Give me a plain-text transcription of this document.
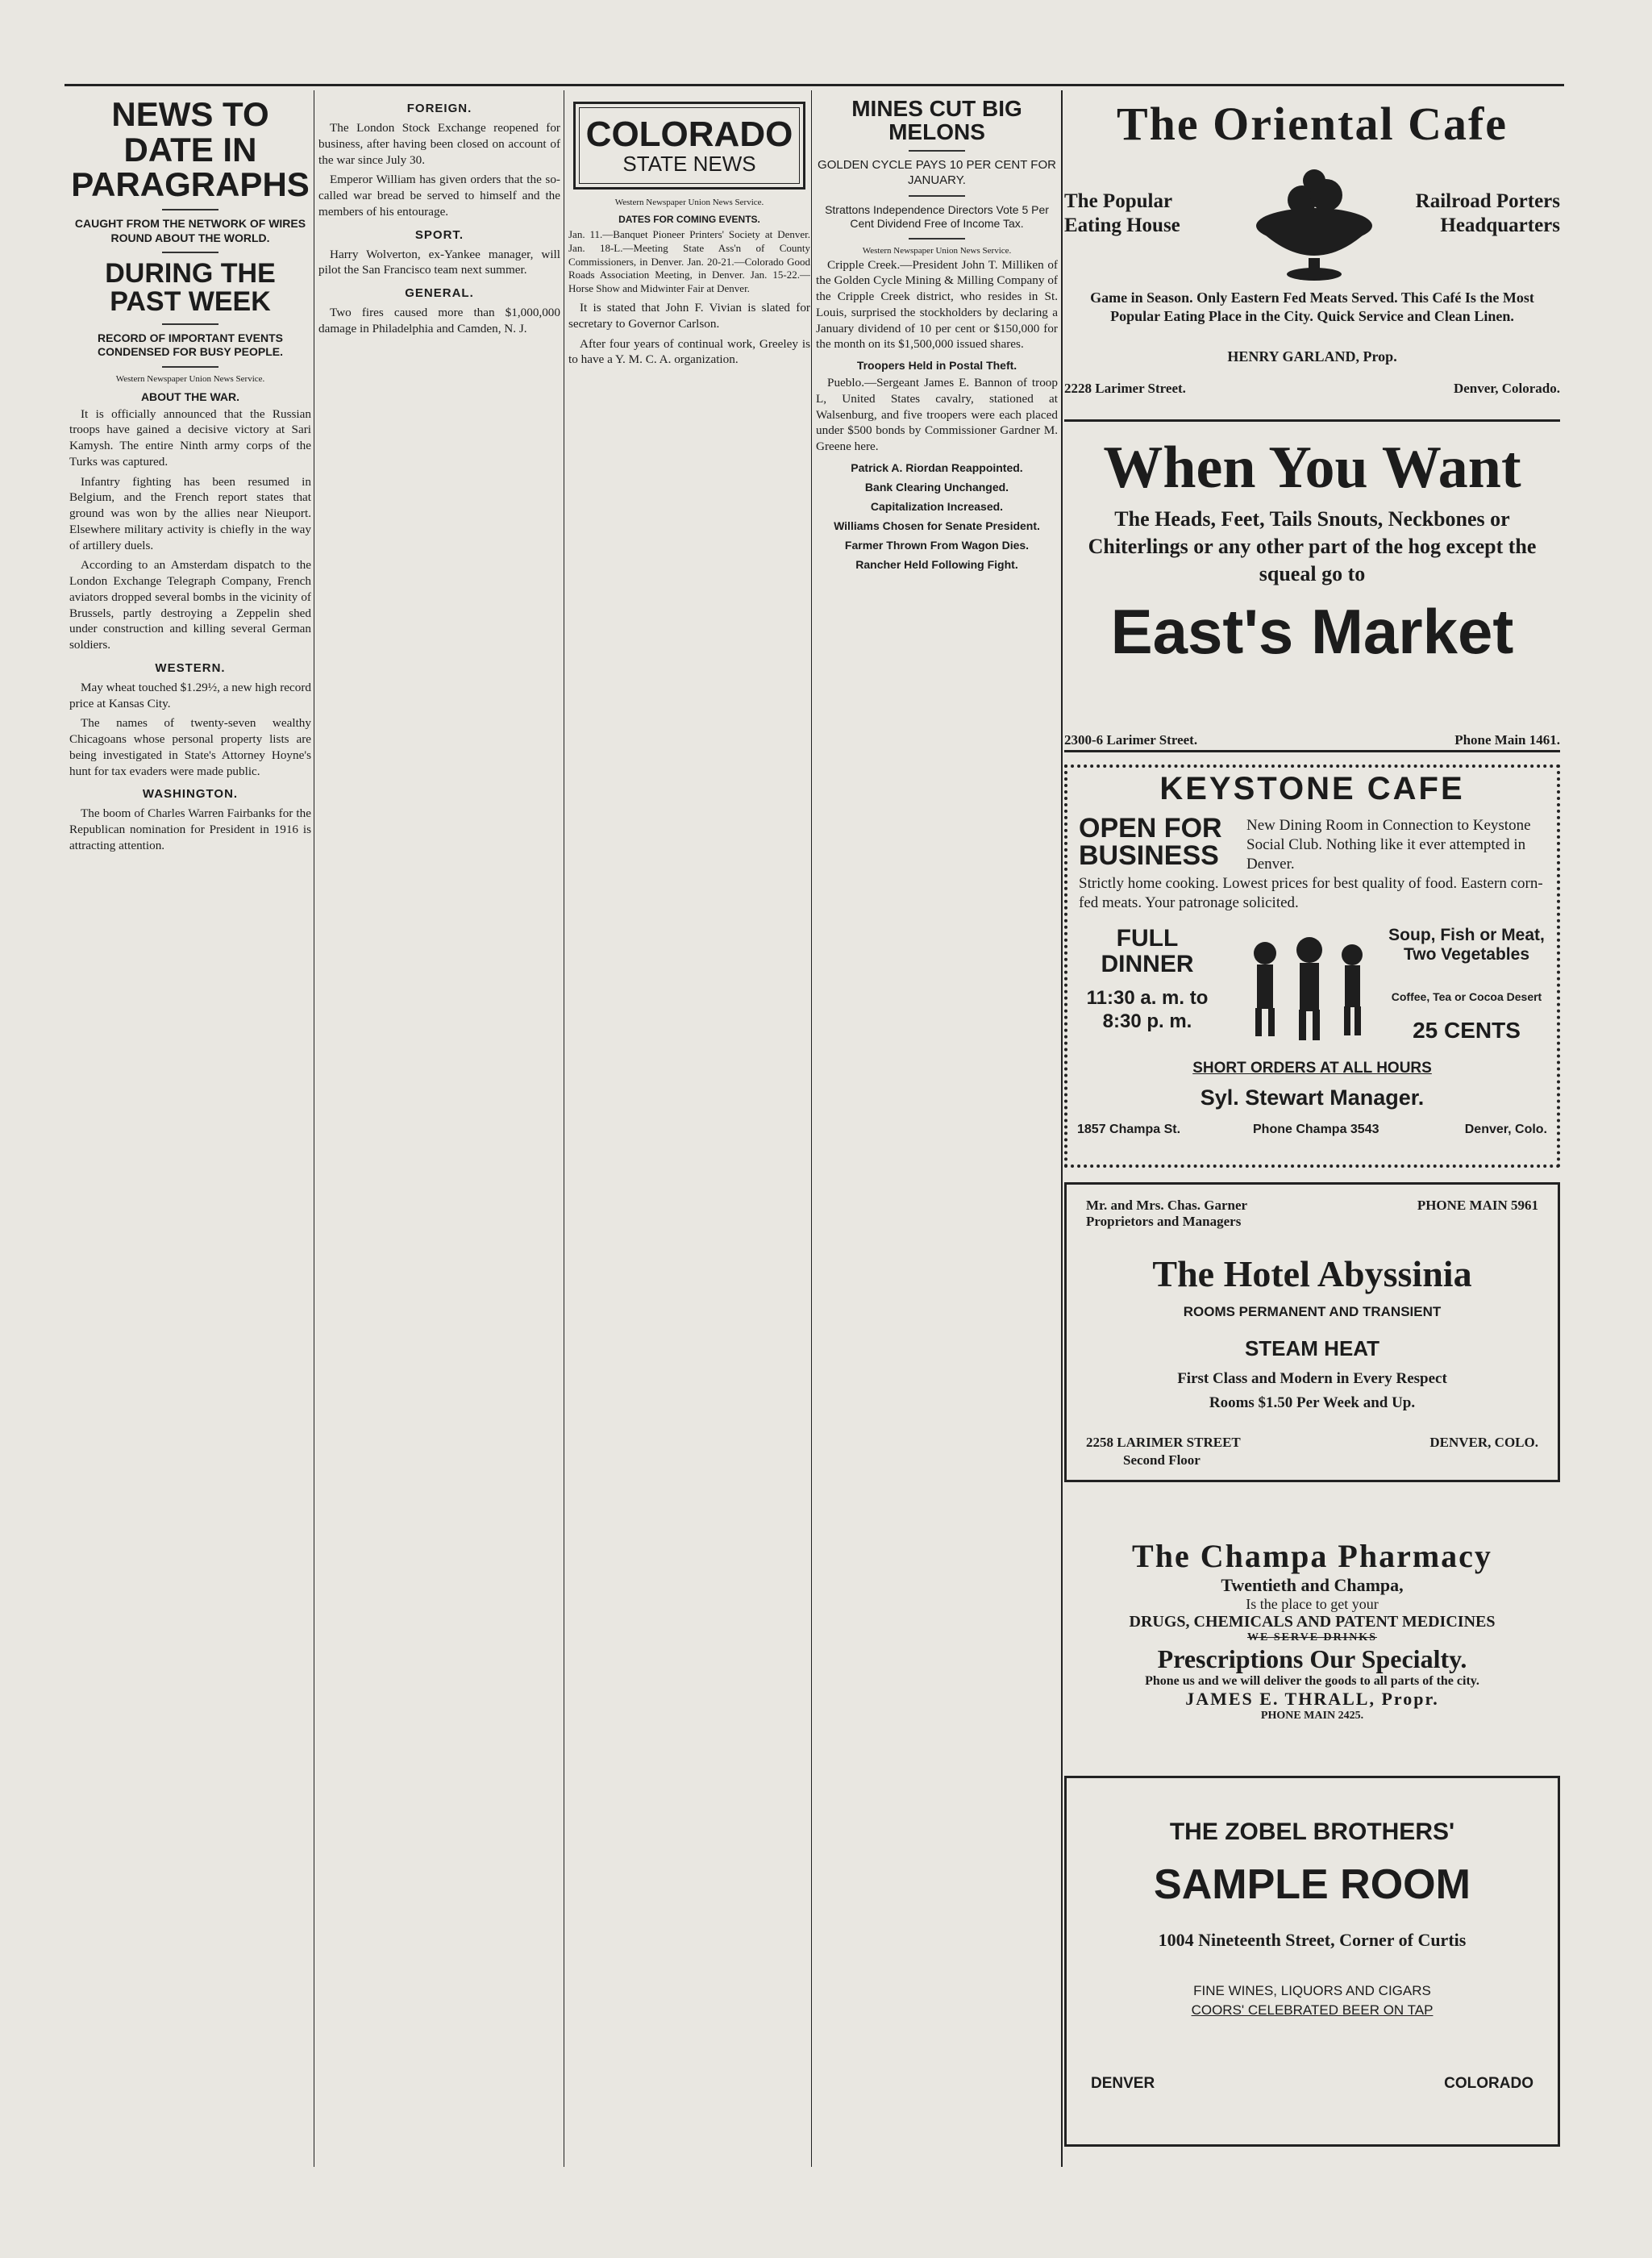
NEWS TO DATE IN PARAGRAPHS
CAUGHT FROM THE NETWORK OF WIRES ROUND ABOUT THE WORLD.
DURING THE PAST WEEK
RECORD OF IMPORTANT EVENTS CONDENSED FOR BUSY PEOPLE.
Western Newspaper Union News Service.
ABOUT THE WAR.

It is officially announced that the Russian troops have gained a decisive victory at Sari Kamysh. The entire Ninth army corps of the Turks was captured.

Infantry fighting has been resumed in Belgium, and the French report states that ground was won by the allies near Nieuport. Elsewhere military activity is chiefly in the way of artillery duels.

According to an Amsterdam dispatch to the London Exchange Telegraph Company, French aviators dropped several bombs in the vicinity of Brussels, partly destroying a Zeppelin shed under construction and killing several German soldiers.

WESTERN.

May wheat touched $1.29½, a new high record price at Kansas City.

The names of twenty-seven wealthy Chicagoans whose personal property lists are being investigated in State's Attorney Hoyne's hunt for tax evaders were made public.

WASHINGTON.

The boom of Charles Warren Fairbanks for the Republican nomination for President in 1916 is attracting attention.

FOREIGN.

The London Stock Exchange reopened for business, after having been closed on account of the war since July 30.

Emperor William has given orders that the so-called war bread be served to himself and the members of his entourage.

SPORT.

Harry Wolverton, ex-Yankee manager, will pilot the San Francisco team next summer.

GENERAL.

Two fires caused more than $1,000,000 damage in Philadelphia and Camden, N. J.

COLORADO
STATE NEWS
Western Newspaper Union News Service.
DATES FOR COMING EVENTS.

Jan. 11.—Banquet Pioneer Printers' Society at Denver. Jan. 18-L.—Meeting State Ass'n of County Commissioners, in Denver. Jan. 20-21.—Colorado Good Roads Association Meeting, in Denver. Jan. 15-22.—Horse Show and Midwinter Fair at Denver.

It is stated that John F. Vivian is slated for secretary to Governor Carlson.

After four years of continual work, Greeley is to have a Y. M. C. A. organization.

MINES CUT BIG MELONS
GOLDEN CYCLE PAYS 10 PER CENT FOR JANUARY.
Strattons Independence Directors Vote 5 Per Cent Dividend Free of Income Tax.
Western Newspaper Union News Service.

Cripple Creek.—President John T. Milliken of the Golden Cycle Mining & Milling Company of the Cripple Creek district, who resides in St. Louis, surprised the stockholders by declaring a January dividend of 10 per cent or $150,000 for the month on its $1,500,000 issued shares.

Troopers Held in Postal Theft.

Pueblo.—Sergeant James E. Bannon of troop L, United States cavalry, stationed at Walsenburg, and five troopers were each placed under $500 bonds by Commissioner Gardner M. Greene here.

Patrick A. Riordan Reappointed.
Bank Clearing Unchanged.
Capitalization Increased.
Williams Chosen for Senate President.
Farmer Thrown From Wagon Dies.
Rancher Held Following Fight.
The Oriental Cafe
The Popular Eating House
Railroad Porters Headquarters
Game in Season. Only Eastern Fed Meats Served. This Café Is the Most Popular Eating Place in the City. Quick Service and Clean Linen.
HENRY GARLAND, Prop.
2228 Larimer Street.	Denver, Colorado.
When You Want
The Heads, Feet, Tails Snouts, Neckbones or Chiterlings or any other part of the hog except the squeal go to
East's Market
2300-6 Larimer Street.	Phone Main 1461.
KEYSTONE CAFE
OPEN FOR BUSINESS
New Dining Room in Connection to Keystone Social Club. Nothing like it ever attempted in Denver.
Strictly home cooking. Lowest prices for best quality of food. Eastern corn-fed meats. Your patronage solicited.
FULL DINNER
11:30 a. m. to 8:30 p. m.
Soup, Fish or Meat, Two Vegetables
Coffee, Tea or Cocoa Desert
25 CENTS
SHORT ORDERS AT ALL HOURS
Syl. Stewart Manager.
1857 Champa St.	Phone Champa 3543	Denver, Colo.
Mr. and Mrs. Chas. Garner Proprietors and Managers
PHONE MAIN 5961
The Hotel Abyssinia
ROOMS PERMANENT AND TRANSIENT
STEAM HEAT
First Class and Modern in Every Respect
Rooms $1.50 Per Week and Up.
2258 LARIMER STREET
Second Floor
DENVER, COLO.
The Champa Pharmacy
Twentieth and Champa,
Is the place to get your
DRUGS, CHEMICALS AND PATENT MEDICINES
WE SERVE DRINKS
Prescriptions Our Specialty.
Phone us and we will deliver the goods to all parts of the city.
JAMES E. THRALL, Propr.
PHONE MAIN 2425.
THE ZOBEL BROTHERS'
SAMPLE ROOM
1004 Nineteenth Street, Corner of Curtis
FINE WINES, LIQUORS AND CIGARS
COORS' CELEBRATED BEER ON TAP
DENVER	COLORADO
